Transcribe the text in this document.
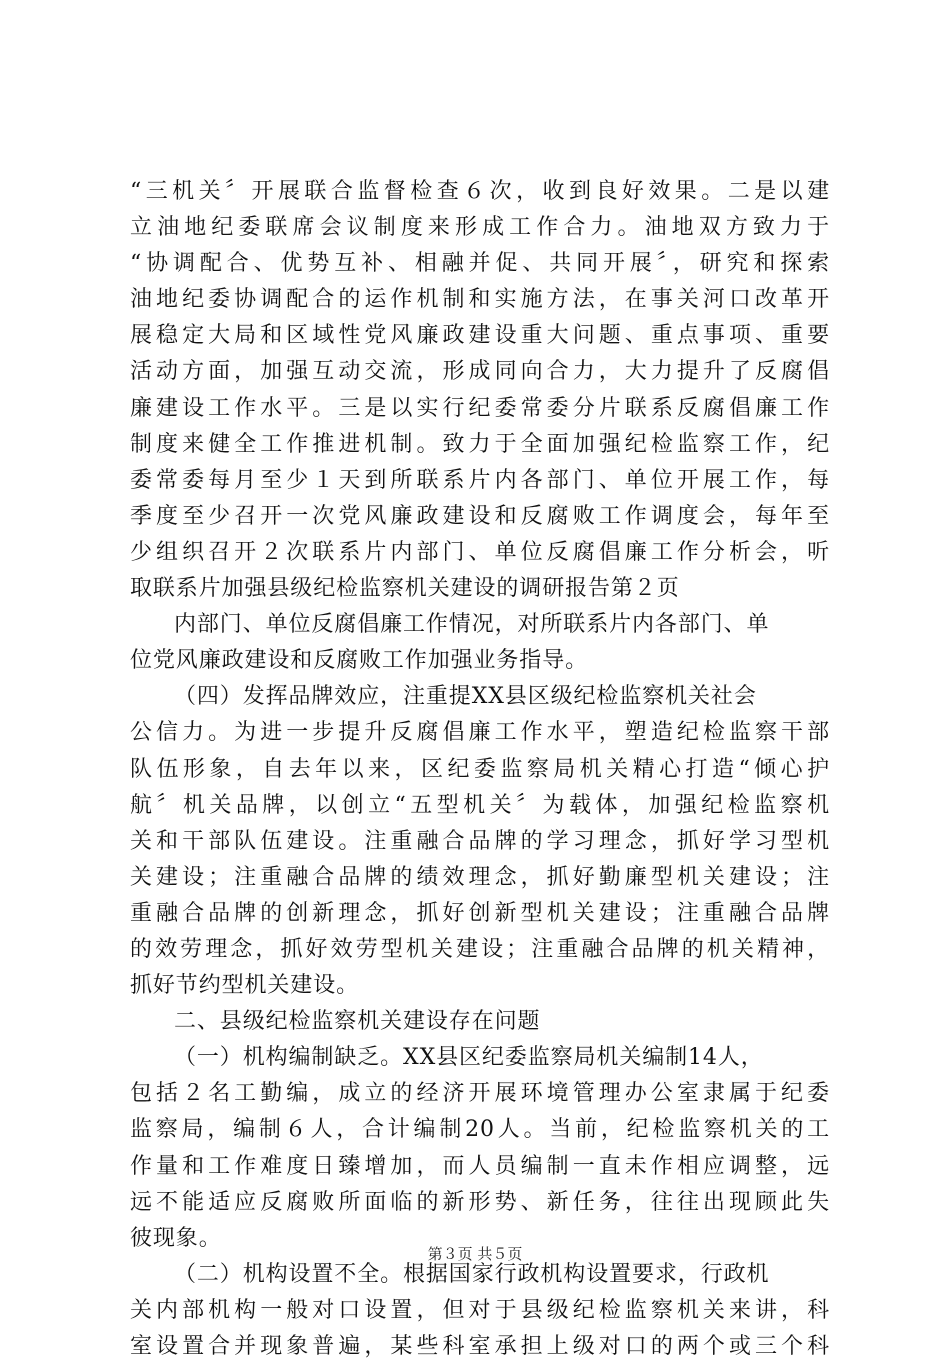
“三机关〞开展联合监督检查６次，收到良好效果。二是以建
立油地纪委联席会议制度来形成工作合力。油地双方致力于
“协调配合、优势互补、相融并促、共同开展〞，研究和探索
油地纪委协调配合的运作机制和实施方法，在事关河口改革开
展稳定大局和区域性党风廉政建设重大问题、重点事项、重要
活动方面，加强互动交流，形成同向合力，大力提升了反腐倡
廉建设工作水平。三是以实行纪委常委分片联系反腐倡廉工作
制度来健全工作推进机制。致力于全面加强纪检监察工作，纪
委常委每月至少１天到所联系片内各部门、单位开展工作，每
季度至少召开一次党风廉政建设和反腐败工作调度会，每年至
少组织召开２次联系片内部门、单位反腐倡廉工作分析会，听
取联系片加强县级纪检监察机关建设的调研报告第２页
内部门、单位反腐倡廉工作情况，对所联系片内各部门、单
位党风廉政建设和反腐败工作加强业务指导。
（四）发挥品牌效应，注重提XX县区级纪检监察机关社会
公信力。为进一步提升反腐倡廉工作水平，塑造纪检监察干部
队伍形象，自去年以来，区纪委监察局机关精心打造“倾心护
航〞机关品牌，以创立“五型机关〞为载体，加强纪检监察机
关和干部队伍建设。注重融合品牌的学习理念，抓好学习型机
关建设；注重融合品牌的绩效理念，抓好勤廉型机关建设；注
重融合品牌的创新理念，抓好创新型机关建设；注重融合品牌
的效劳理念，抓好效劳型机关建设；注重融合品牌的机关精神，
抓好节约型机关建设。
二、县级纪检监察机关建设存在问题
（一）机构编制缺乏。XX县区纪委监察局机关编制14人，
包括２名工勤编，成立的经济开展环境管理办公室隶属于纪委
监察局，编制６人，合计编制20人。当前，纪检监察机关的工
作量和工作难度日臻增加，而人员编制一直未作相应调整，远
远不能适应反腐败所面临的新形势、新任务，往往出现顾此失
彼现象。
（二）机构设置不全。根据国家行政机构设置要求，行政机
关内部机构一般对口设置，但对于县级纪检监察机关来讲，科
室设置合并现象普遍，某些科室承担上级对口的两个或三个科
第３页 共５页
